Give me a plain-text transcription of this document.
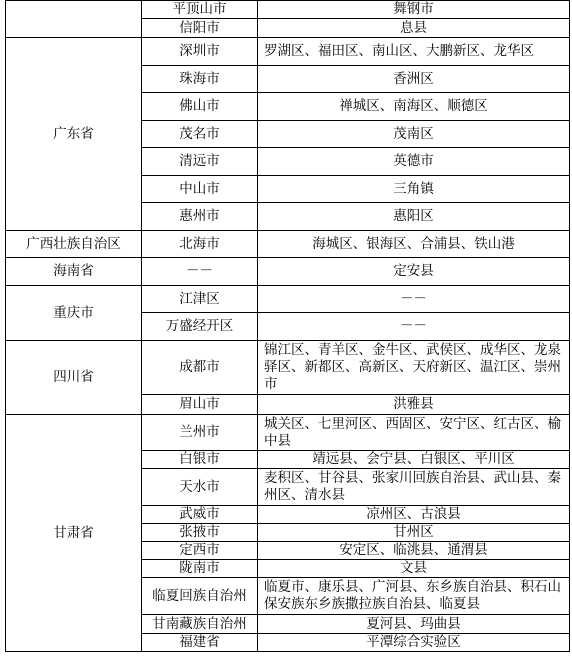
	平顶山市	舞钢市	
	信阳市	息县	
广东省	深圳市	罗湖区、福田区、南山区、大鹏新区、龙华区	
	珠海市	香洲区	
	佛山市	禅城区、南海区、顺德区	
	茂名市	茂南区	
	清远市	英德市	
	中山市	三角镇	
	惠州市	惠阳区	
广西壮族自治区	北海市	海城区、银海区、合浦县、铁山港	
海南省	－－	定安县	
重庆市	江津区	－－	
	万盛经开区	－－	
四川省	成都市	锦江区、青羊区、金牛区、武侯区、成华区、龙泉驿区、新都区、高新区、天府新区、温江区、崇州市	
	眉山市	洪雅县	
甘肃省	兰州市	城关区、七里河区、西固区、安宁区、红古区、榆中县	
	白银市	靖远县、会宁县、白银区、平川区	
	天水市	麦积区、甘谷县、张家川回族自治县、武山县、秦州区、清水县	
	武威市	凉州区、古浪县	
	张掖市	甘州区	
	定西市	安定区、临洮县、通渭县	
	陇南市	文县	
	临夏回族自治州	临夏市、康乐县、广河县、东乡族自治县、积石山保安族东乡族撒拉族自治县、临夏县	
	甘南藏族自治州	夏河县、玛曲县	
	福建省	平潭综合实验区	
